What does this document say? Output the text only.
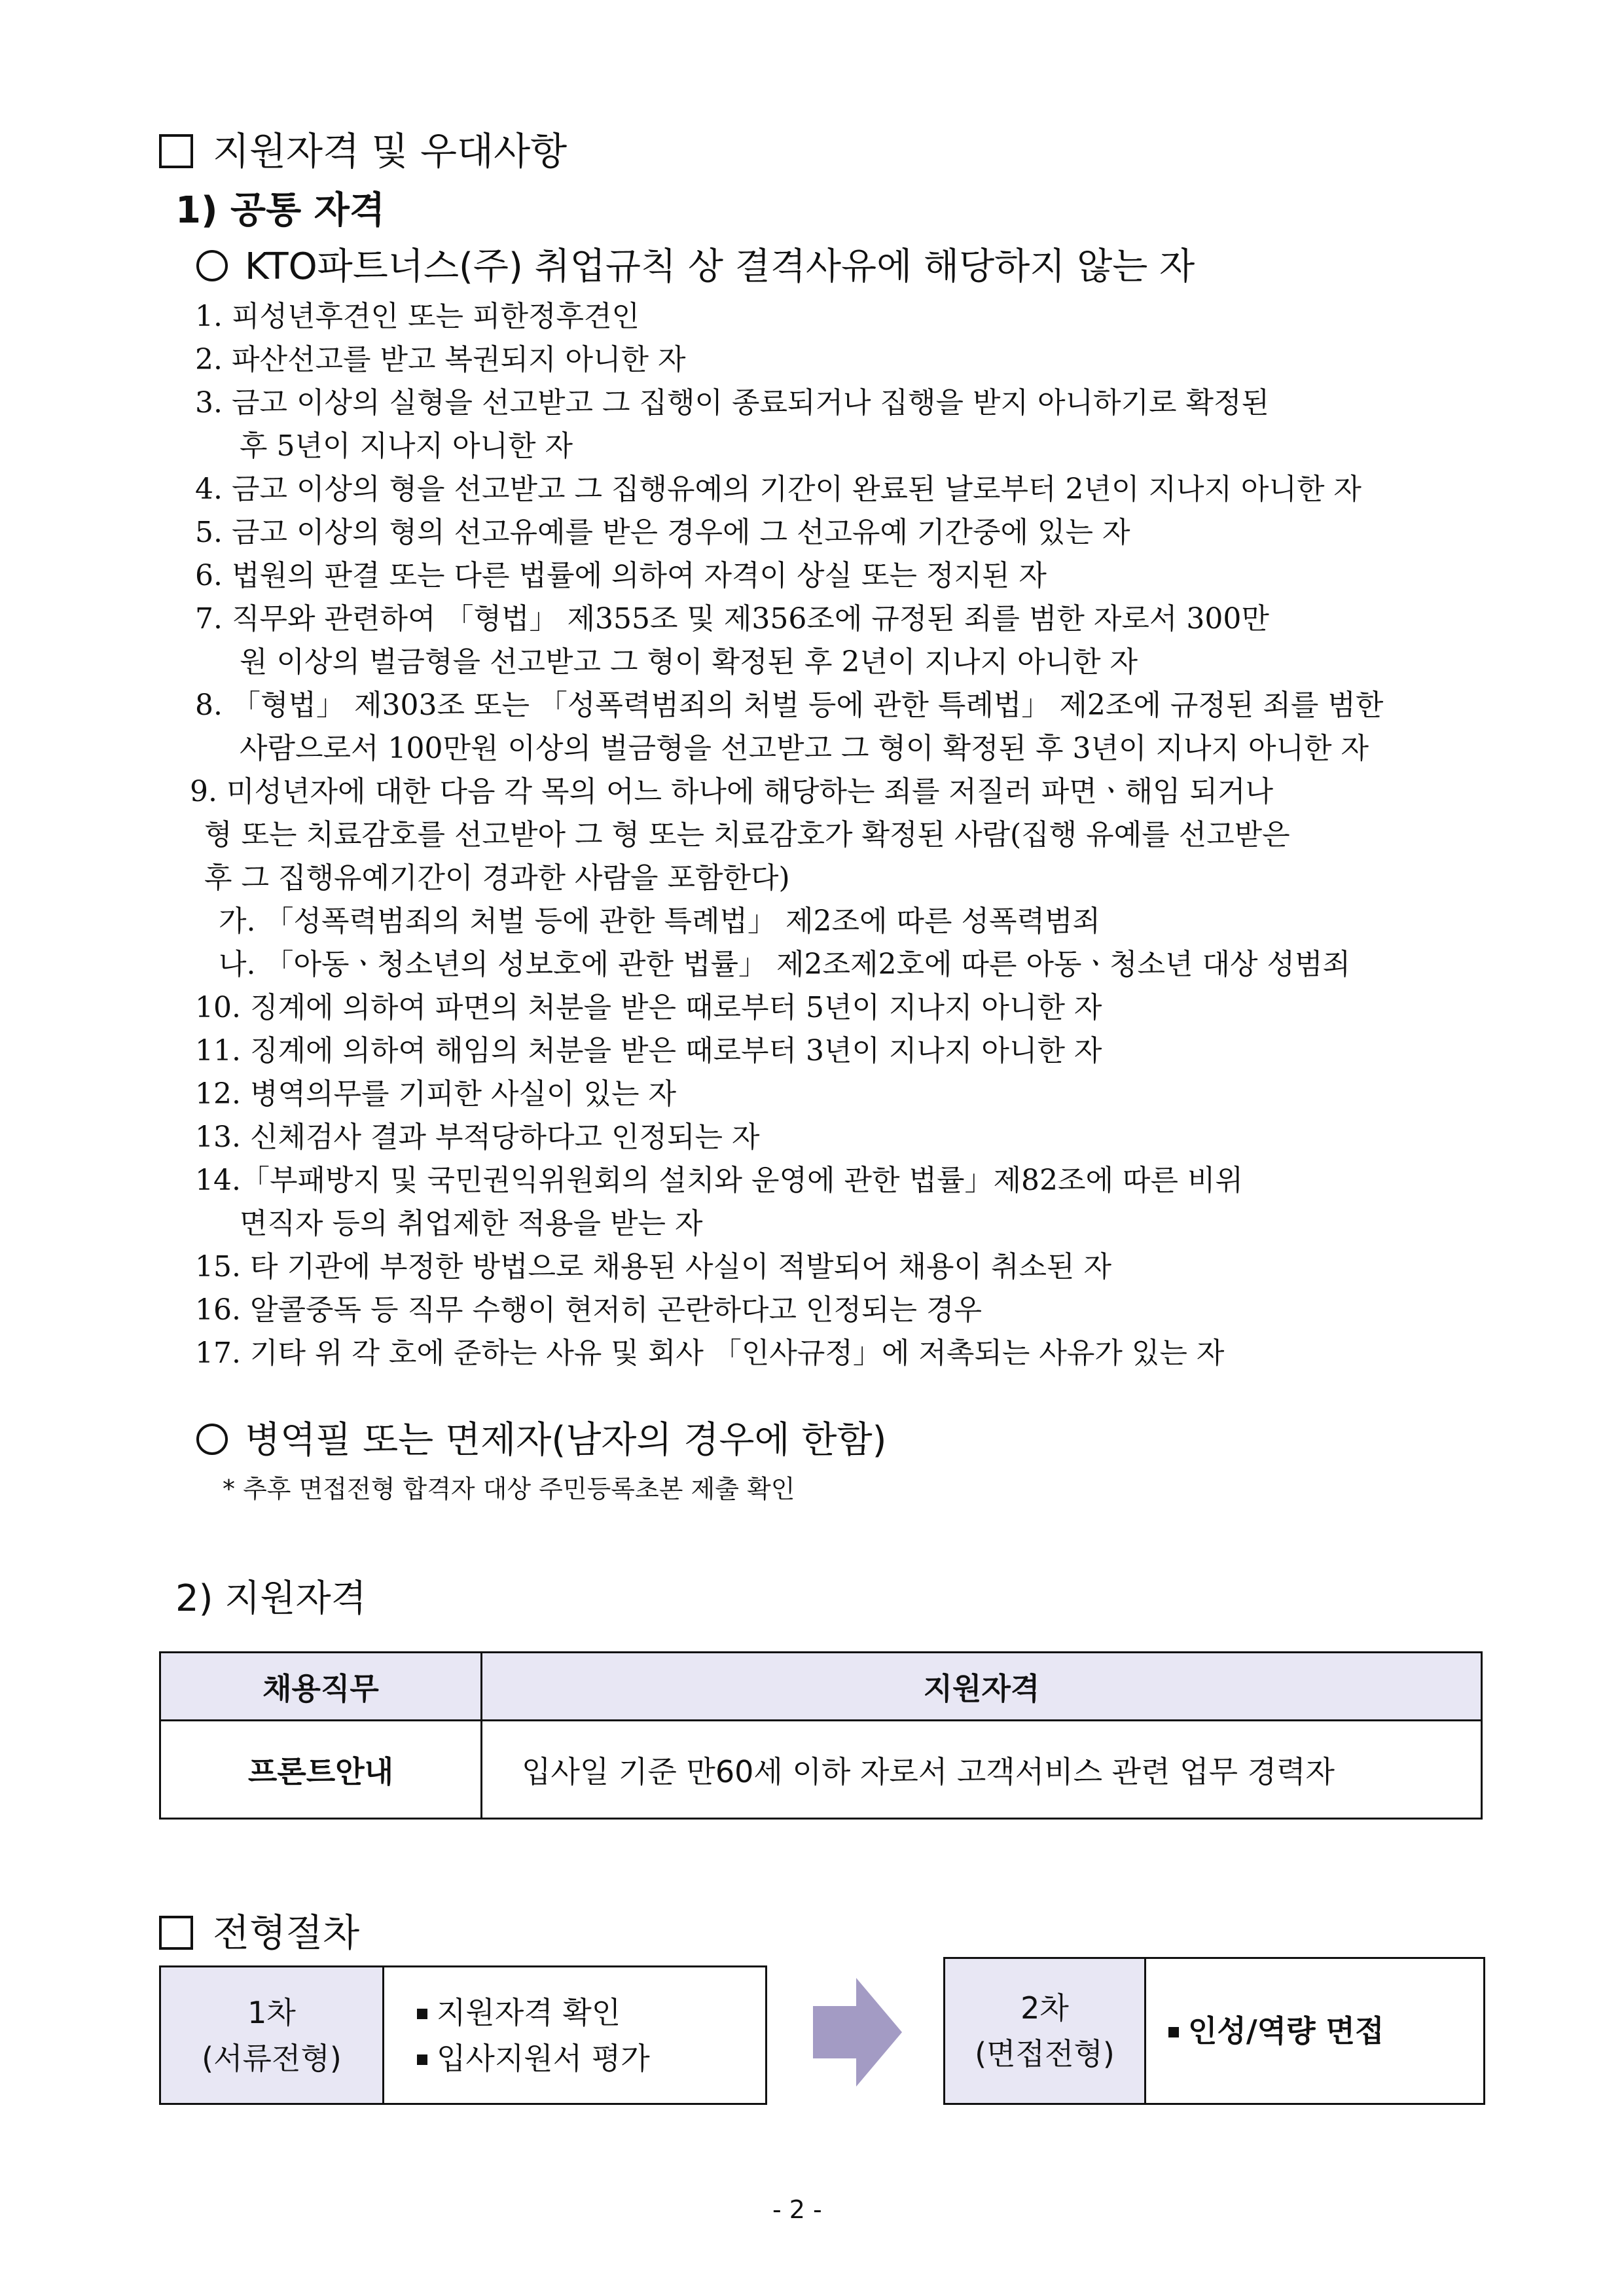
지원자격 및 우대사항
1) 공통 자격
KTO파트너스(주) 취업규칙 상 결격사유에 해당하지 않는 자
1. 피성년후견인 또는 피한정후견인
2. 파산선고를 받고 복권되지 아니한 자
3. 금고 이상의 실형을 선고받고 그 집행이 종료되거나 집행을 받지 아니하기로 확정된
후 5년이 지나지 아니한 자
4. 금고 이상의 형을 선고받고 그 집행유예의 기간이 완료된 날로부터 2년이 지나지 아니한 자
5. 금고 이상의 형의 선고유예를 받은 경우에 그 선고유예 기간중에 있는 자
6. 법원의 판결 또는 다른 법률에 의하여 자격이 상실 또는 정지된 자
7. 직무와 관련하여 「형법」 제355조 및 제356조에 규정된 죄를 범한 자로서 300만
원 이상의 벌금형을 선고받고 그 형이 확정된 후 2년이 지나지 아니한 자
8. 「형법」 제303조 또는 「성폭력범죄의 처벌 등에 관한 특례법」 제2조에 규정된 죄를 범한
사람으로서 100만원 이상의 벌금형을 선고받고 그 형이 확정된 후 3년이 지나지 아니한 자
9. 미성년자에 대한 다음 각 목의 어느 하나에 해당하는 죄를 저질러 파면ㆍ해임 되거나
형 또는 치료감호를 선고받아 그 형 또는 치료감호가 확정된 사람(집행 유예를 선고받은
후 그 집행유예기간이 경과한 사람을 포함한다)
가. 「성폭력범죄의 처벌 등에 관한 특례법」 제2조에 따른 성폭력범죄
나. 「아동ㆍ청소년의 성보호에 관한 법률」 제2조제2호에 따른 아동ㆍ청소년 대상 성범죄
10. 징계에 의하여 파면의 처분을 받은 때로부터 5년이 지나지 아니한 자
11. 징계에 의하여 해임의 처분을 받은 때로부터 3년이 지나지 아니한 자
12. 병역의무를 기피한 사실이 있는 자
13. 신체검사 결과 부적당하다고 인정되는 자
14.「부패방지 및 국민권익위원회의 설치와 운영에 관한 법률」제82조에 따른 비위
면직자 등의 취업제한 적용을 받는 자
15. 타 기관에 부정한 방법으로 채용된 사실이 적발되어 채용이 취소된 자
16. 알콜중독 등 직무 수행이 현저히 곤란하다고 인정되는 경우
17. 기타 위 각 호에 준하는 사유 및 회사 「인사규정」에 저촉되는 사유가 있는 자
병역필 또는 면제자(남자의 경우에 한함)
* 추후 면접전형 합격자 대상 주민등록초본 제출 확인
2) 지원자격
채용직무	지원자격
프론트안내	입사일 기준 만60세 이하 자로서 고객서비스 관련 업무 경력자
전형절차
1차
(서류전형)
지원자격 확인
입사지원서 평가
2차
(면접전형)
인성/역량 면접
- 2 -
